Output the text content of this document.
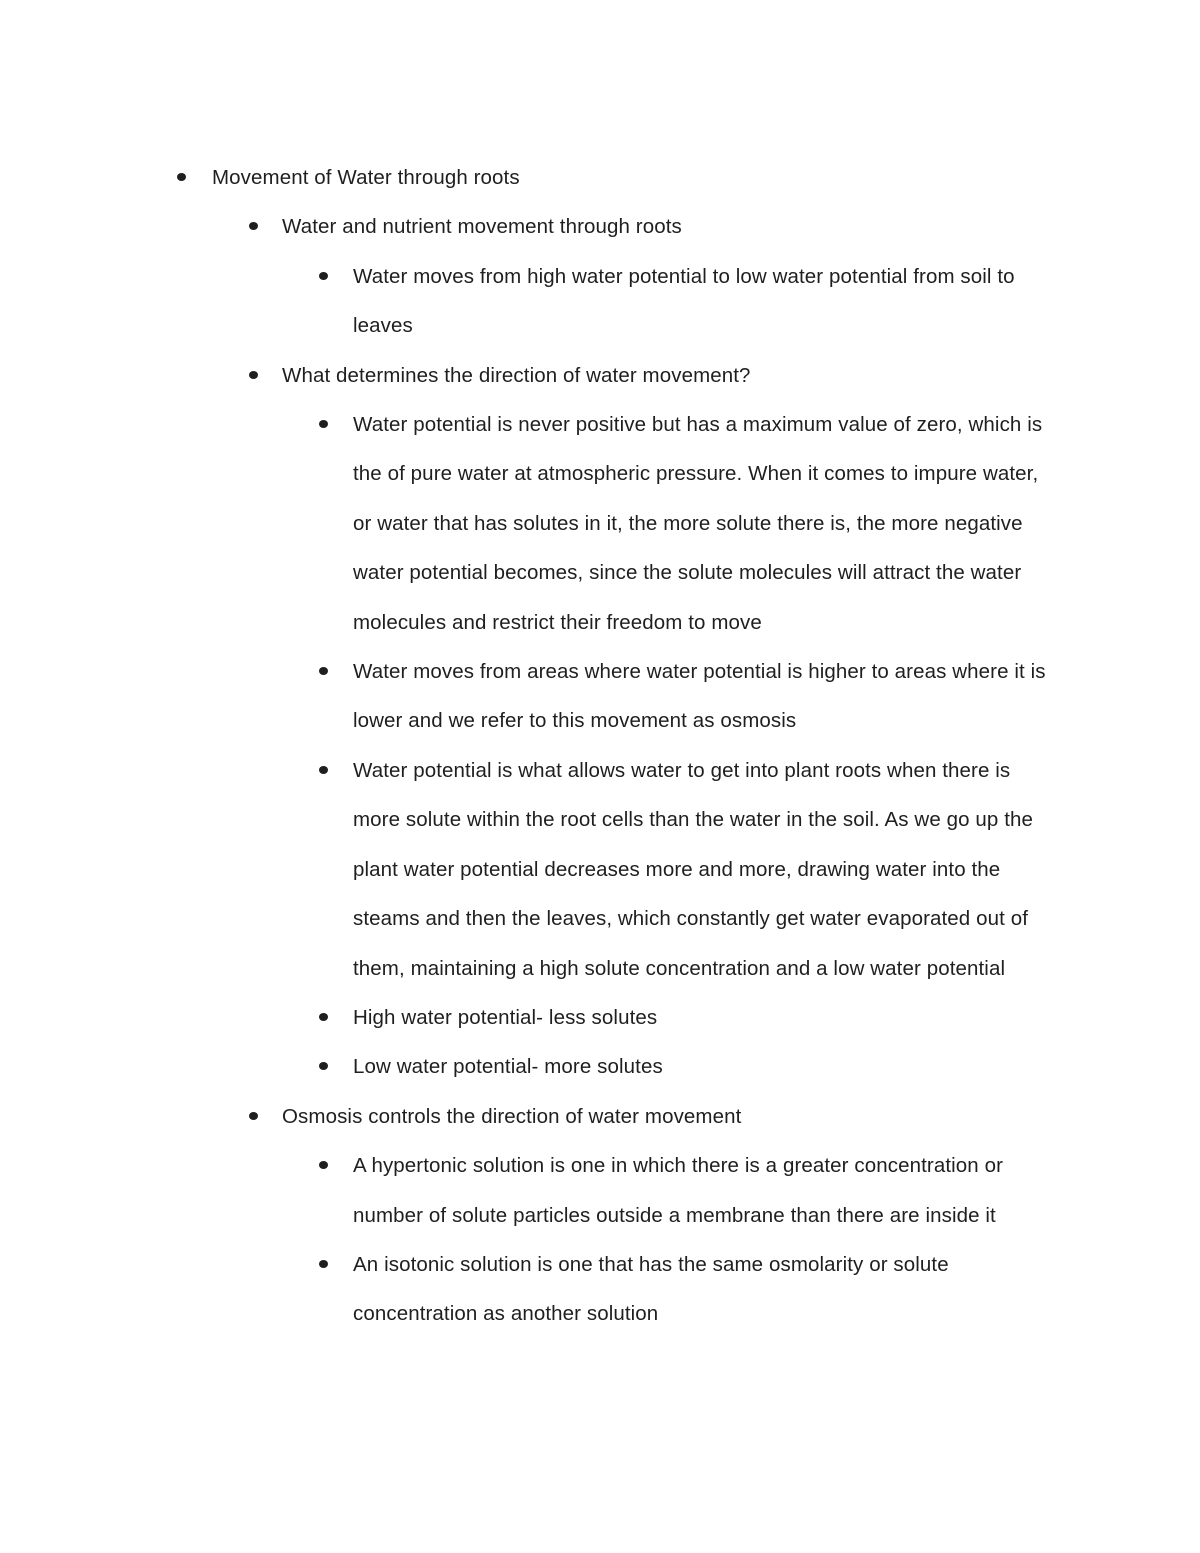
Movement of Water through roots
Water and nutrient movement through roots
Water moves from high water potential to low water potential from soil to leaves
What determines the direction of water movement?
Water potential is never positive but has a maximum value of zero, which is the of pure water at atmospheric pressure. When it comes to impure water, or water that has solutes in it, the more solute there is, the more negative water potential becomes, since the solute molecules will attract the water molecules and restrict their freedom to move
Water moves from areas where water potential is higher to areas where it is lower and we refer to this movement as osmosis
Water potential is what allows water to get into plant roots when there is more solute within the root cells than the water in the soil. As we go up the plant water potential decreases more and more, drawing water into the steams and then the leaves, which constantly get water evaporated out of them, maintaining a high solute concentration and a low water potential
High water potential- less solutes
Low water potential- more solutes
Osmosis controls the direction of water movement
A hypertonic solution is one in which there is a greater concentration or number of solute particles outside a membrane than there are inside it
An isotonic solution is one that has the same osmolarity or solute concentration as another solution
